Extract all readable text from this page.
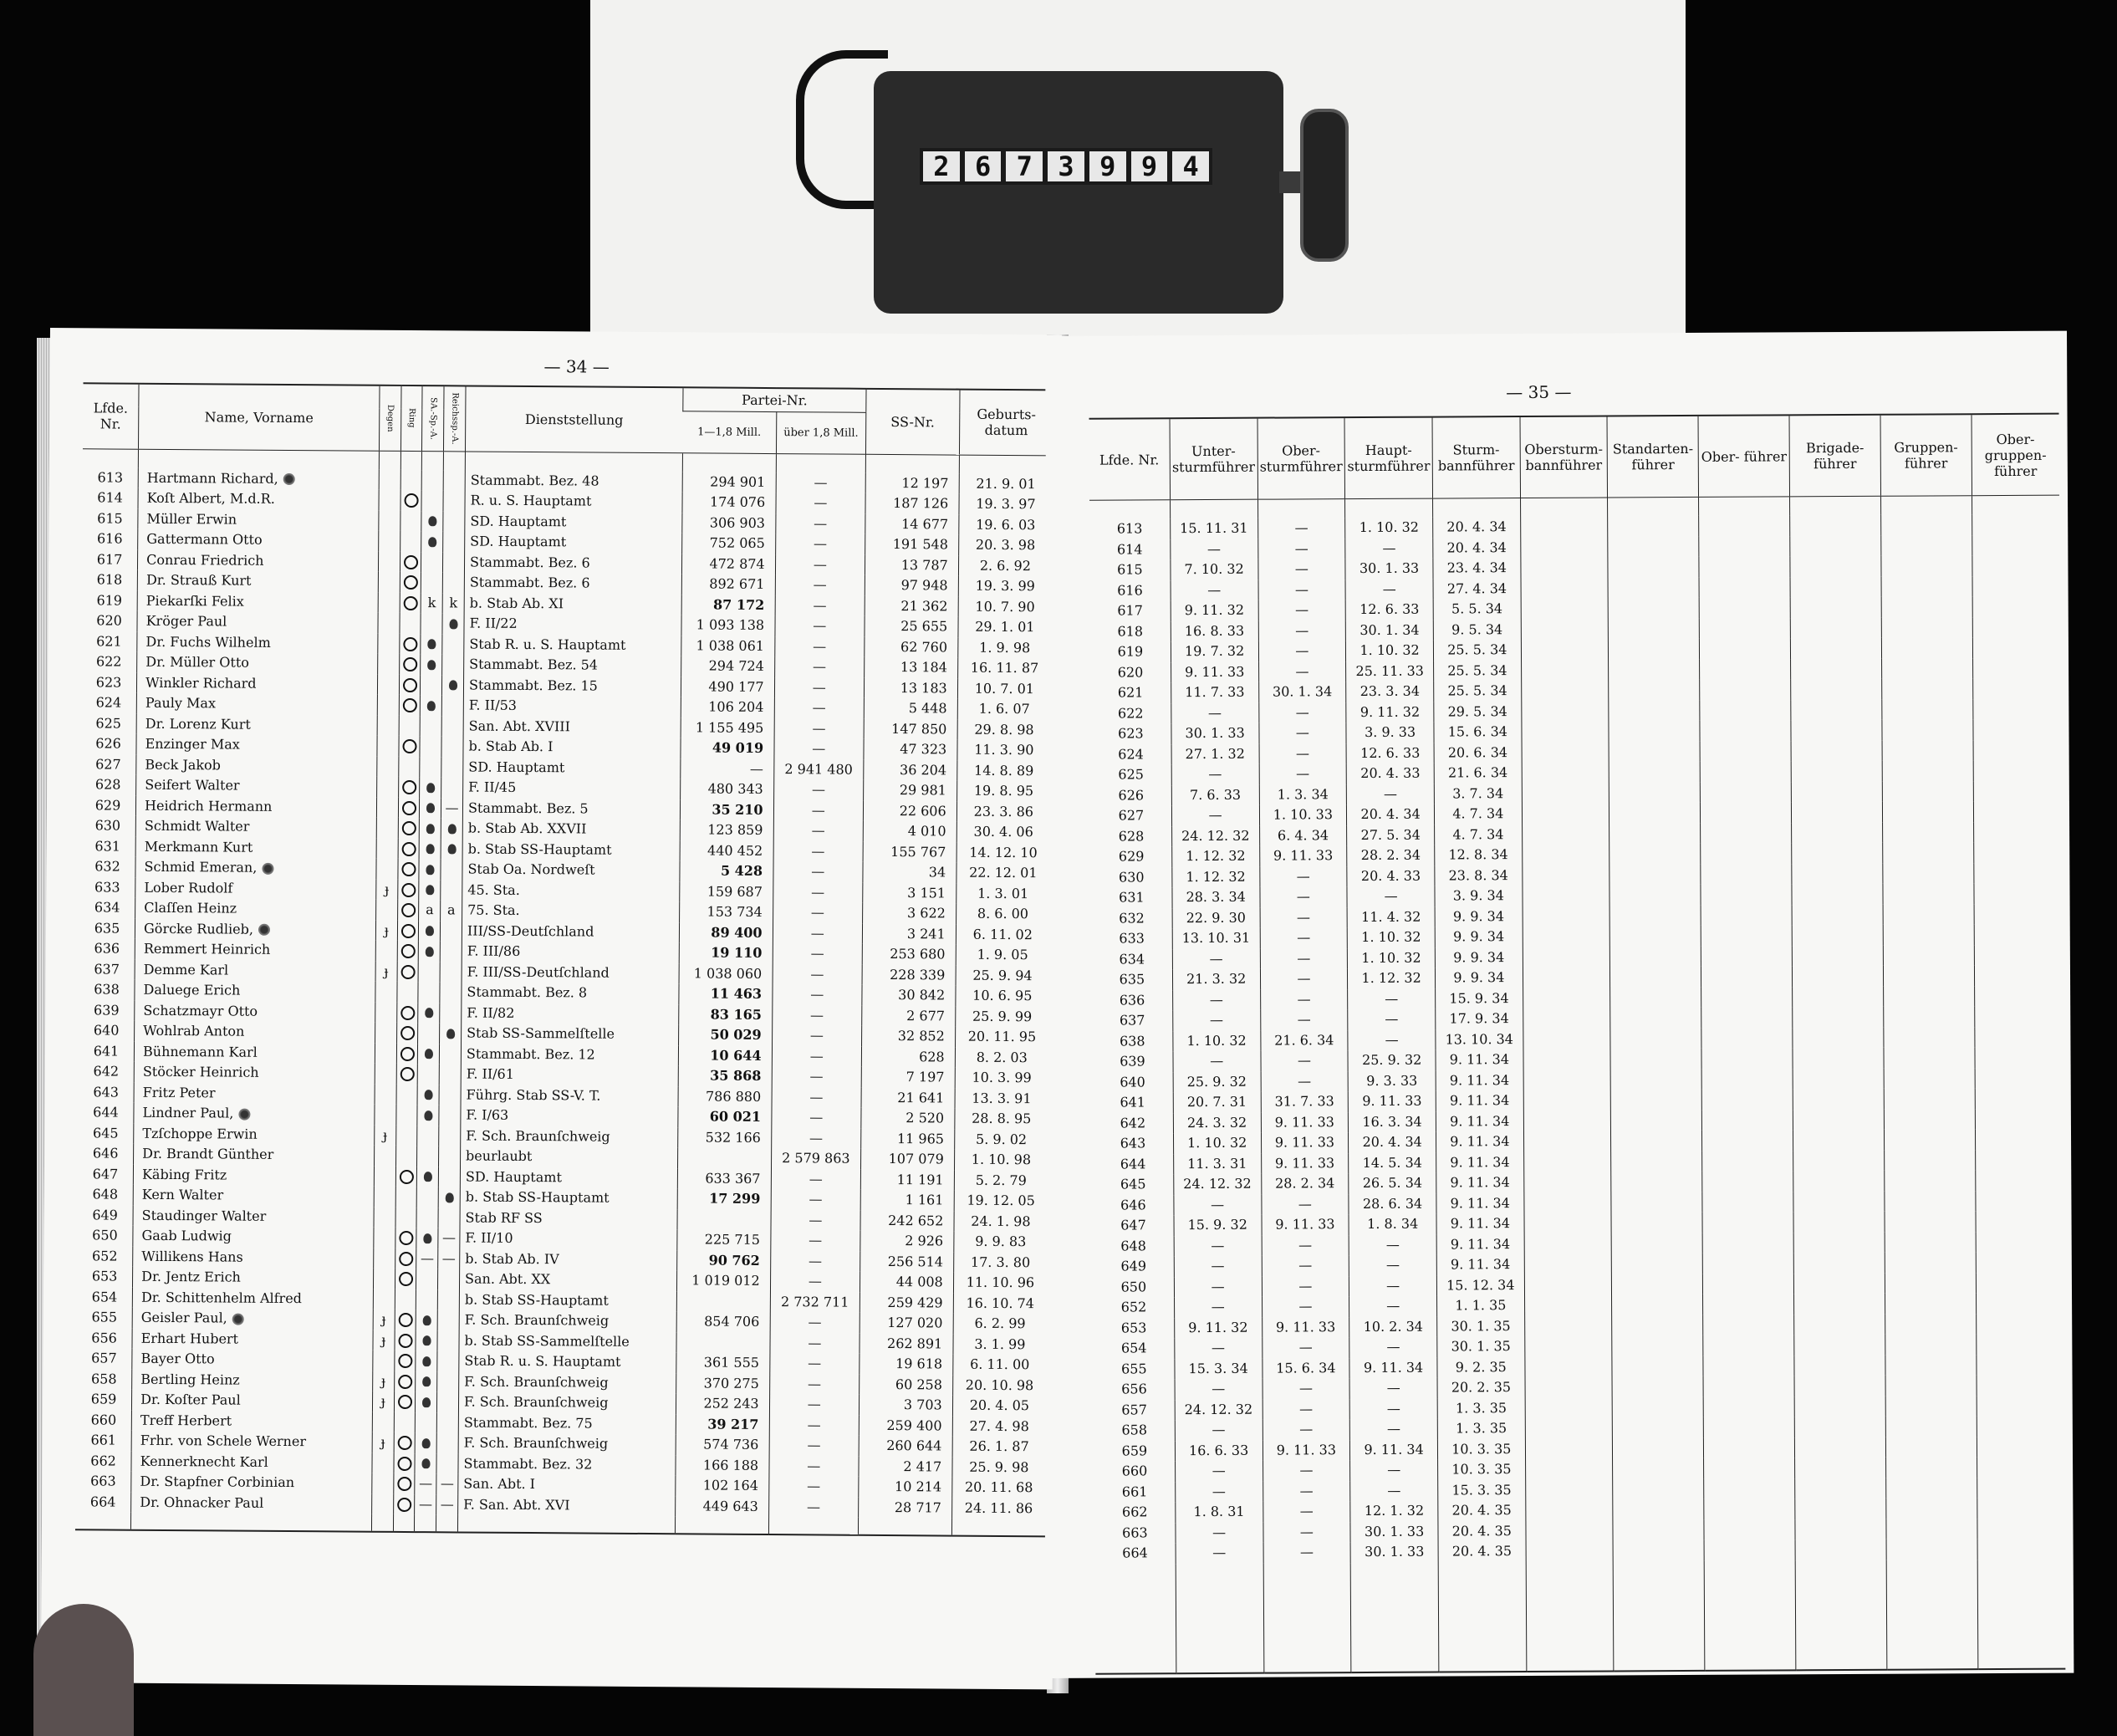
2 6 7 3 9 9 4
— 34 —
Lfde. Nr.	Name, Vorname	Degen	Ring	SA.-Sp.-A.	Reichssp.-A.	Dienststellung	Partei-Nr.		SS-Nr.	Geburts- datum
							1—1,8 Mill.	über 1,8 Mill.		

613	Hartmann Richard,					Stammabt. Bez. 48	294 901	—	12 197	21. 9. 01
614	Koſt Albert, M.d.R.					R. u. S. Hauptamt	174 076	—	187 126	19. 3. 97
615	Müller Erwin					SD. Hauptamt	306 903	—	14 677	19. 6. 03
616	Gattermann Otto					SD. Hauptamt	752 065	—	191 548	20. 3. 98
617	Conrau Friedrich					Stammabt. Bez. 6	472 874	—	13 787	2. 6. 92
618	Dr. Strauß Kurt					Stammabt. Bez. 6	892 671	—	97 948	19. 3. 99
619	Piekarſki Felix			k	k	b. Stab Ab. XI	87 172	—	21 362	10. 7. 90
620	Kröger Paul					F. II/22	1 093 138	—	25 655	29. 1. 01
621	Dr. Fuchs Wilhelm					Stab R. u. S. Hauptamt	1 038 061	—	62 760	1. 9. 98
622	Dr. Müller Otto					Stammabt. Bez. 54	294 724	—	13 184	16. 11. 87
623	Winkler Richard					Stammabt. Bez. 15	490 177	—	13 183	10. 7. 01
624	Pauly Max					F. II/53	106 204	—	5 448	1. 6. 07
625	Dr. Lorenz Kurt					San. Abt. XVIII	1 155 495	—	147 850	29. 8. 98
626	Enzinger Max					b. Stab Ab. I	49 019	—	47 323	11. 3. 90
627	Beck Jakob					SD. Hauptamt	—	2 941 480	36 204	14. 8. 89
628	Seifert Walter					F. II/45	480 343	—	29 981	19. 8. 95
629	Heidrich Hermann				—	Stammabt. Bez. 5	35 210	—	22 606	23. 3. 86
630	Schmidt Walter					b. Stab Ab. XXVII	123 859	—	4 010	30. 4. 06
631	Merkmann Kurt					b. Stab SS-Hauptamt	440 452	—	155 767	14. 12. 10
632	Schmid Emeran,					Stab Oa. Nordweſt	5 428	—	34	22. 12. 01
633	Lober Rudolf	ɟ				45. Sta.	159 687	—	3 151	1. 3. 01
634	Claſſen Heinz			a	a	75. Sta.	153 734	—	3 622	8. 6. 00
635	Görcke Rudlieb,	ɟ				III/SS-Deutſchland	89 400	—	3 241	6. 11. 02
636	Remmert Heinrich					F. III/86	19 110	—	253 680	1. 9. 05
637	Demme Karl	ɟ				F. III/SS-Deutſchland	1 038 060	—	228 339	25. 9. 94
638	Daluege Erich					Stammabt. Bez. 8	11 463	—	30 842	10. 6. 95
639	Schatzmayr Otto					F. II/82	83 165	—	2 677	25. 9. 99
640	Wohlrab Anton					Stab SS-Sammelſtelle	50 029	—	32 852	20. 11. 95
641	Bühnemann Karl					Stammabt. Bez. 12	10 644	—	628	8. 2. 03
642	Stöcker Heinrich					F. II/61	35 868	—	7 197	10. 3. 99
643	Fritz Peter					Führg. Stab SS-V. T.	786 880	—	21 641	13. 3. 91
644	Lindner Paul,					F. I/63	60 021	—	2 520	28. 8. 95
645	Tzſchoppe Erwin	ɟ				F. Sch. Braunſchweig	532 166	—	11 965	5. 9. 02
646	Dr. Brandt Günther					beurlaubt		2 579 863	107 079	1. 10. 98
647	Käbing Fritz					SD. Hauptamt	633 367	—	11 191	5. 2. 79
648	Kern Walter					b. Stab SS-Hauptamt	17 299	—	1 161	19. 12. 05
649	Staudinger Walter					Stab RF SS		—	242 652	24. 1. 98
650	Gaab Ludwig				—	F. II/10	225 715	—	2 926	9. 9. 83
652	Willikens Hans			—	—	b. Stab Ab. IV	90 762	—	256 514	17. 3. 80
653	Dr. Jentz Erich					San. Abt. XX	1 019 012	—	44 008	11. 10. 96
654	Dr. Schittenhelm Alfred					b. Stab SS-Hauptamt		2 732 711	259 429	16. 10. 74
655	Geisler Paul,	ɟ				F. Sch. Braunſchweig	854 706	—	127 020	6. 2. 99
656	Erhart Hubert	ɟ				b. Stab SS-Sammelſtelle		—	262 891	3. 1. 99
657	Bayer Otto					Stab R. u. S. Hauptamt	361 555	—	19 618	6. 11. 00
658	Bertling Heinz	ɟ				F. Sch. Braunſchweig	370 275	—	60 258	20. 10. 98
659	Dr. Koſter Paul	ɟ				F. Sch. Braunſchweig	252 243	—	3 703	20. 4. 05
660	Treff Herbert					Stammabt. Bez. 75	39 217	—	259 400	27. 4. 98
661	Frhr. von Schele Werner	ɟ				F. Sch. Braunſchweig	574 736	—	260 644	26. 1. 87
662	Kennerknecht Karl					Stammabt. Bez. 32	166 188	—	2 417	25. 9. 98
663	Dr. Stapfner Corbinian			—	—	San. Abt. I	102 164	—	10 214	20. 11. 68
664	Dr. Ohnacker Paul			—	—	F. San. Abt. XVI	449 643	—	28 717	24. 11. 86

— 35 —
Lfde. Nr.	Unter- sturmführer	Ober- sturmführer	Haupt- sturmführer	Sturm- bannführer	Obersturm- bannführer	Standarten- führer	Ober- führer	Brigade- führer	Gruppen- führer	Ober- gruppen- führer

613	15. 11. 31	—	1. 10. 32	20. 4. 34						
614	—	—	—	20. 4. 34						
615	7. 10. 32	—	30. 1. 33	23. 4. 34						
616	—	—	—	27. 4. 34						
617	9. 11. 32	—	12. 6. 33	5. 5. 34						
618	16. 8. 33	—	30. 1. 34	9. 5. 34						
619	19. 7. 32	—	1. 10. 32	25. 5. 34						
620	9. 11. 33	—	25. 11. 33	25. 5. 34						
621	11. 7. 33	30. 1. 34	23. 3. 34	25. 5. 34						
622	—	—	9. 11. 32	29. 5. 34						
623	30. 1. 33	—	3. 9. 33	15. 6. 34						
624	27. 1. 32	—	12. 6. 33	20. 6. 34						
625	—	—	20. 4. 33	21. 6. 34						
626	7. 6. 33	1. 3. 34	—	3. 7. 34						
627	—	1. 10. 33	20. 4. 34	4. 7. 34						
628	24. 12. 32	6. 4. 34	27. 5. 34	4. 7. 34						
629	1. 12. 32	9. 11. 33	28. 2. 34	12. 8. 34						
630	1. 12. 32	—	20. 4. 33	23. 8. 34						
631	28. 3. 34	—	—	3. 9. 34						
632	22. 9. 30	—	11. 4. 32	9. 9. 34						
633	13. 10. 31	—	1. 10. 32	9. 9. 34						
634	—	—	1. 10. 32	9. 9. 34						
635	21. 3. 32	—	1. 12. 32	9. 9. 34						
636	—	—	—	15. 9. 34						
637	—	—	—	17. 9. 34						
638	1. 10. 32	21. 6. 34	—	13. 10. 34						
639	—	—	25. 9. 32	9. 11. 34						
640	25. 9. 32	—	9. 3. 33	9. 11. 34						
641	20. 7. 31	31. 7. 33	9. 11. 33	9. 11. 34						
642	24. 3. 32	9. 11. 33	16. 3. 34	9. 11. 34						
643	1. 10. 32	9. 11. 33	20. 4. 34	9. 11. 34						
644	11. 3. 31	9. 11. 33	14. 5. 34	9. 11. 34						
645	24. 12. 32	28. 2. 34	26. 5. 34	9. 11. 34						
646	—	—	28. 6. 34	9. 11. 34						
647	15. 9. 32	9. 11. 33	1. 8. 34	9. 11. 34						
648	—	—	—	9. 11. 34						
649	—	—	—	9. 11. 34						
650	—	—	—	15. 12. 34						
652	—	—	—	1. 1. 35						
653	9. 11. 32	9. 11. 33	10. 2. 34	30. 1. 35						
654	—	—	—	30. 1. 35						
655	15. 3. 34	15. 6. 34	9. 11. 34	9. 2. 35						
656	—	—	—	20. 2. 35						
657	24. 12. 32	—	—	1. 3. 35						
658	—	—	—	1. 3. 35						
659	16. 6. 33	9. 11. 33	9. 11. 34	10. 3. 35						
660	—	—	—	10. 3. 35						
661	—	—	—	15. 3. 35						
662	1. 8. 31	—	12. 1. 32	20. 4. 35						
663	—	—	30. 1. 33	20. 4. 35						
664	—	—	30. 1. 33	20. 4. 35						
